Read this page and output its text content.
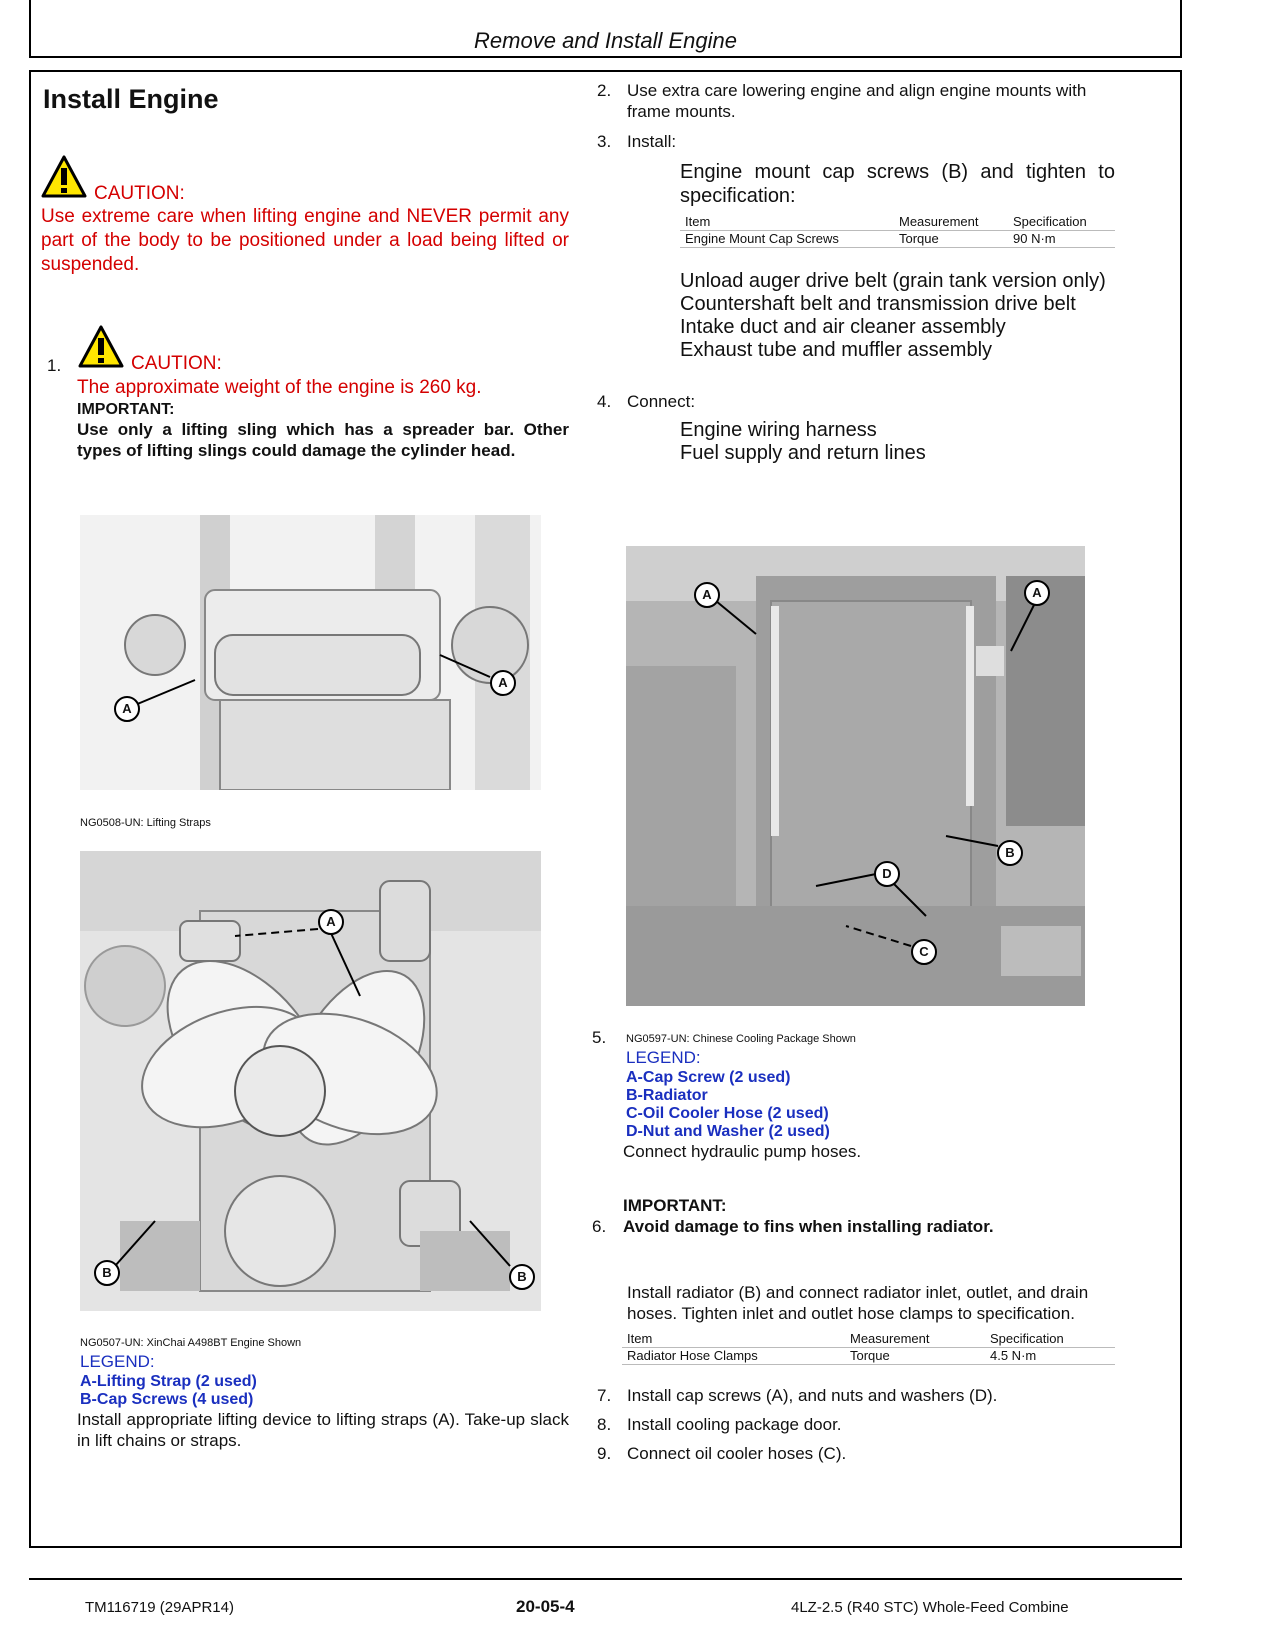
Remove and Install Engine
Install Engine
CAUTION:
Use extreme care when lifting engine and NEVER permit any part of the body to be positioned under a load being lifted or suspended.
1.	CAUTION:
The approximate weight of the engine is 260 kg.
IMPORTANT:
Use only a lifting sling which has a spreader bar. Other types of lifting slings could damage the cylinder head.
A
A
NG0508-UN: Lifting Straps
A
B	B
NG0507-UN: XinChai A498BT Engine Shown
LEGEND:
A-Lifting Strap (2 used)
B-Cap Screws (4 used)
Install appropriate lifting device to lifting straps (A). Take-up slack in lift chains or straps.
2. Use extra care lowering engine and align engine mounts with frame mounts.
3. Install:
Engine mount cap screws (B) and tighten to specification:
Item	Measurement	Specification
Engine Mount Cap Screws	Torque	90 N·m
Unload auger drive belt (grain tank version only)
Countershaft belt and transmission drive belt
Intake duct and air cleaner assembly
Exhaust tube and muffler assembly
4. Connect:
Engine wiring harness
Fuel supply and return lines
A	A
B
C
D
5. NG0597-UN: Chinese Cooling Package Shown
LEGEND:
A-Cap Screw (2 used)
B-Radiator
C-Oil Cooler Hose (2 used)
D-Nut and Washer (2 used)
Connect hydraulic pump hoses.
IMPORTANT:
6. Avoid damage to fins when installing radiator.
Install radiator (B) and connect radiator inlet, outlet, and drain hoses. Tighten inlet and outlet hose clamps to specification.
Item	Measurement	Specification
Radiator Hose Clamps	Torque	4.5 N·m
7. Install cap screws (A), and nuts and washers (D).
8. Install cooling package door.
9. Connect oil cooler hoses (C).
TM116719 (29APR14)	20-05-4	4LZ-2.5 (R40 STC) Whole-Feed Combine
